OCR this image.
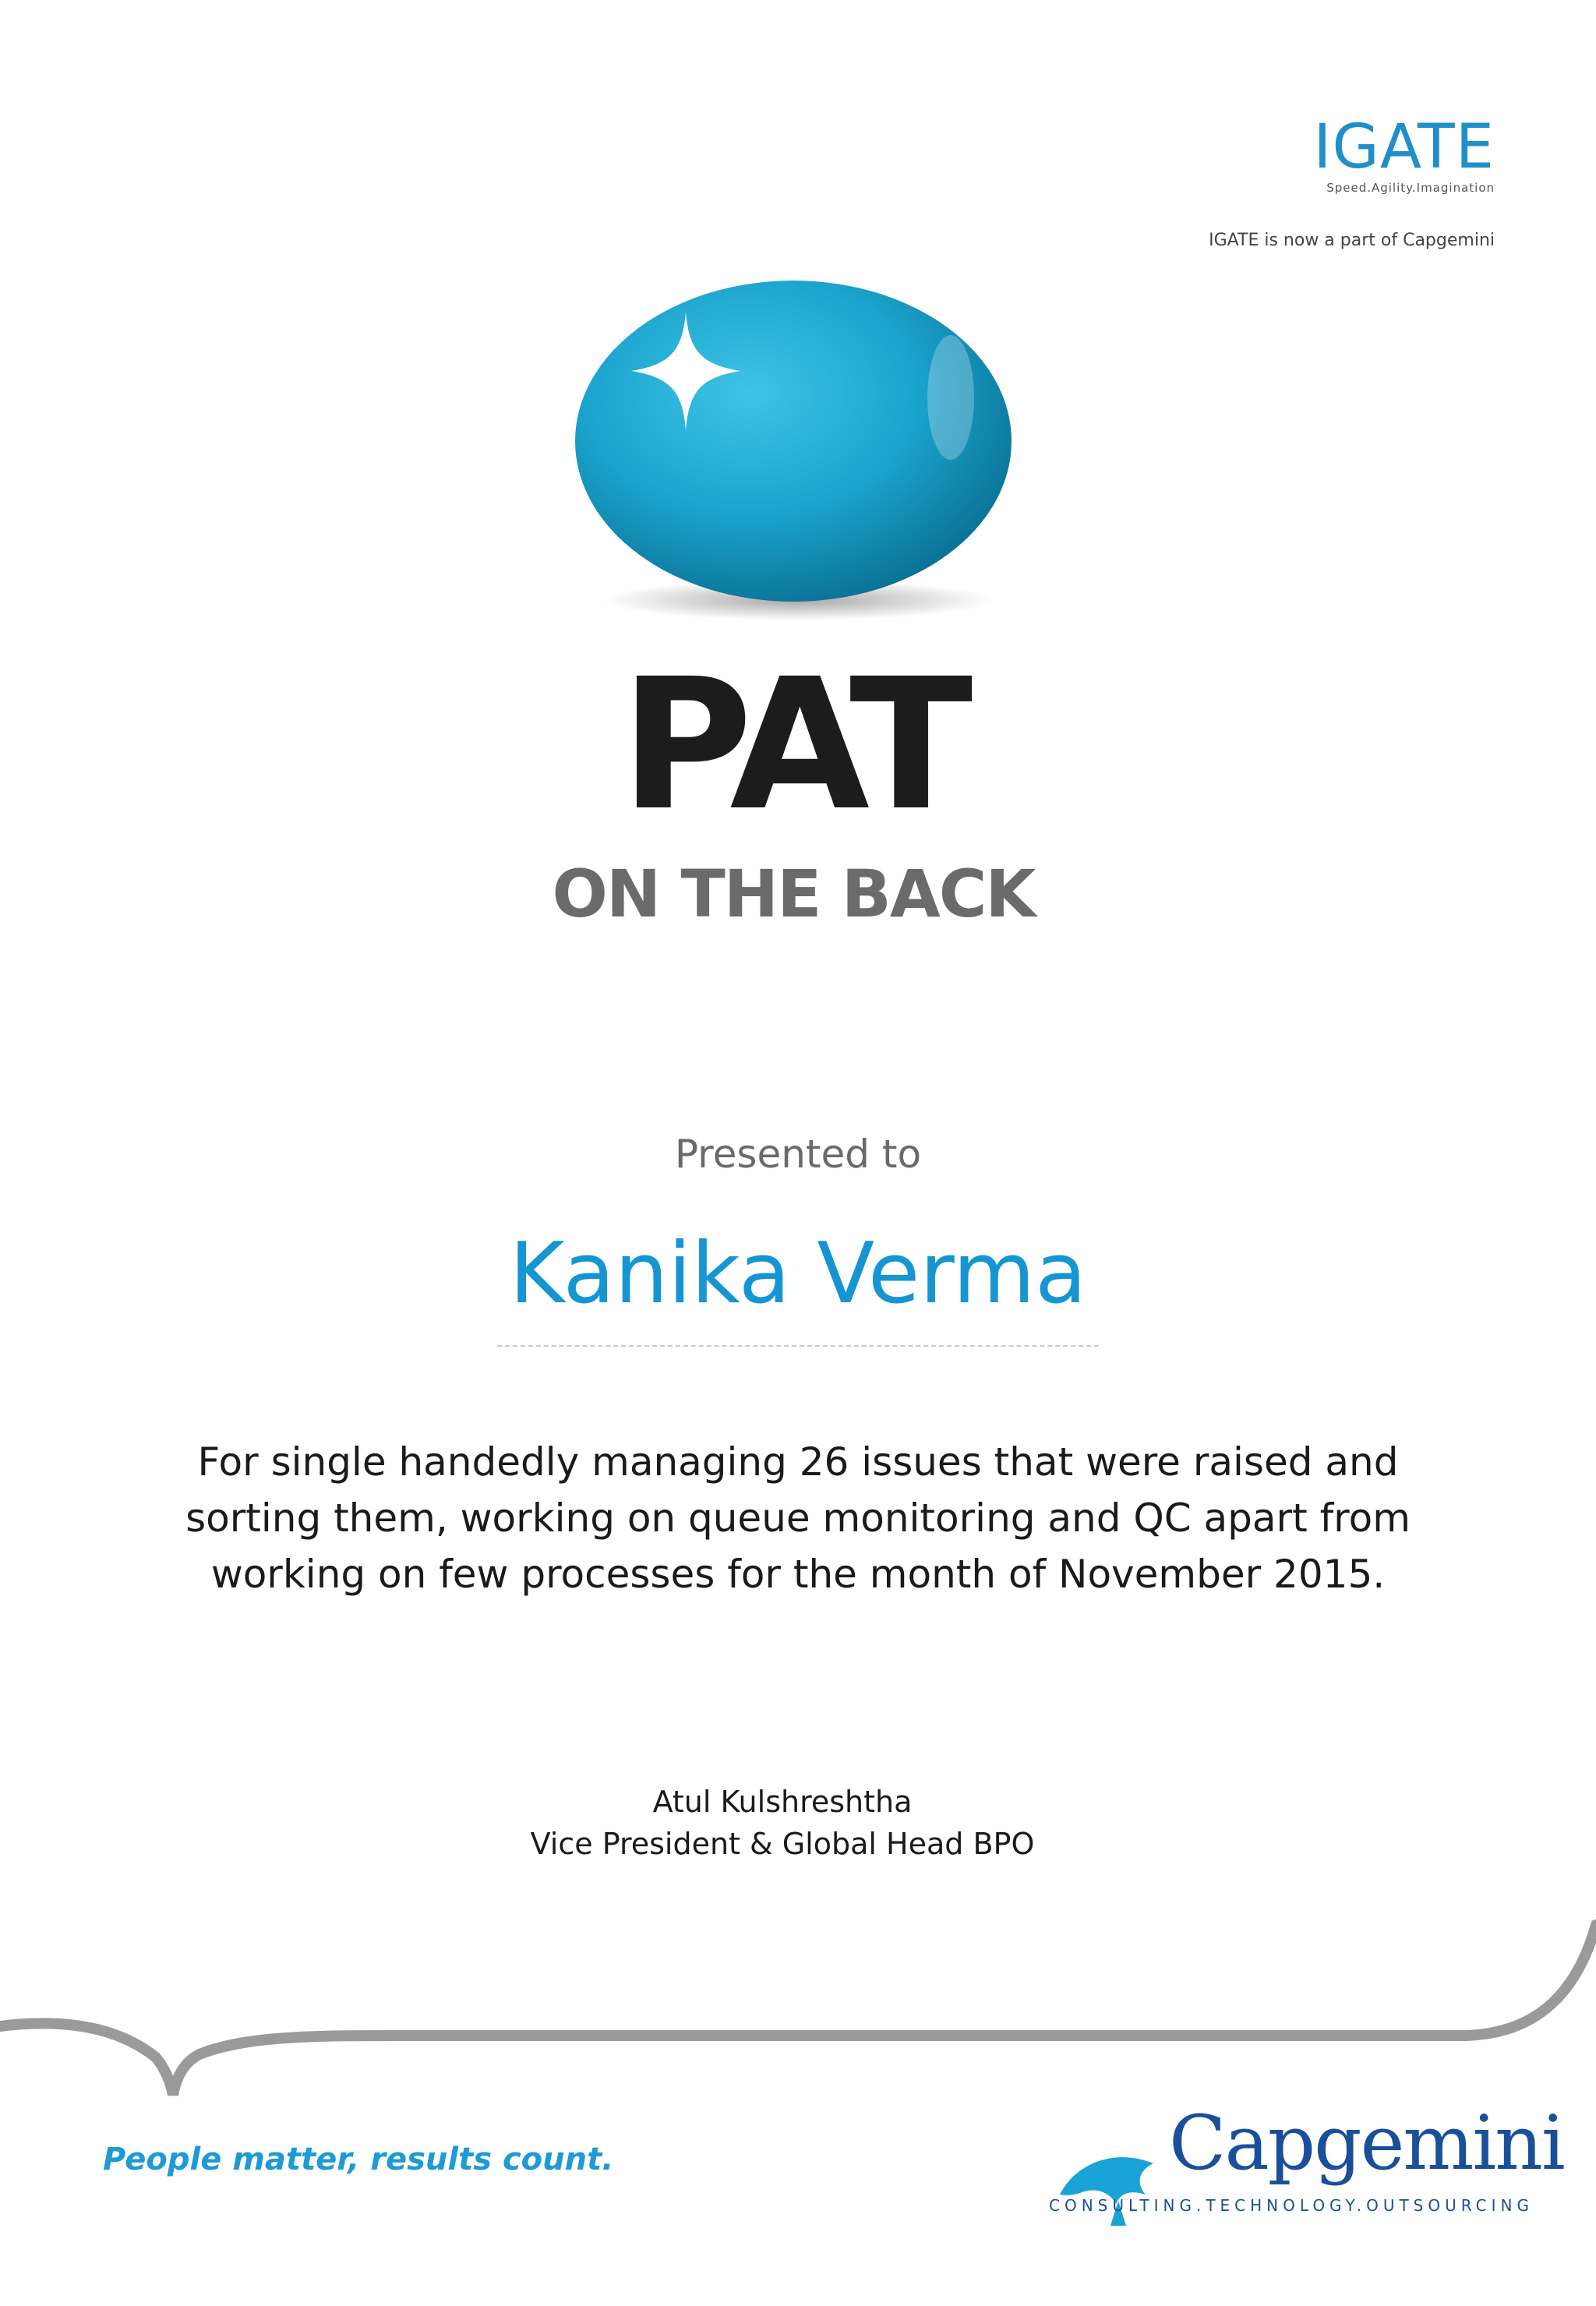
IGATE
Speed.Agility.Imagination
IGATE is now a part of Capgemini
PAT
ON THE BACK
Presented to
Kanika Verma
For single handedly managing 26 issues that were raised and sorting them, working on queue monitoring and QC apart from working on few processes for the month of November 2015.
Atul Kulshreshtha
Vice President & Global Head BPO
People matter, results count.	Capgemini
CONSULTING.TECHNOLOGY.OUTSOURCING
